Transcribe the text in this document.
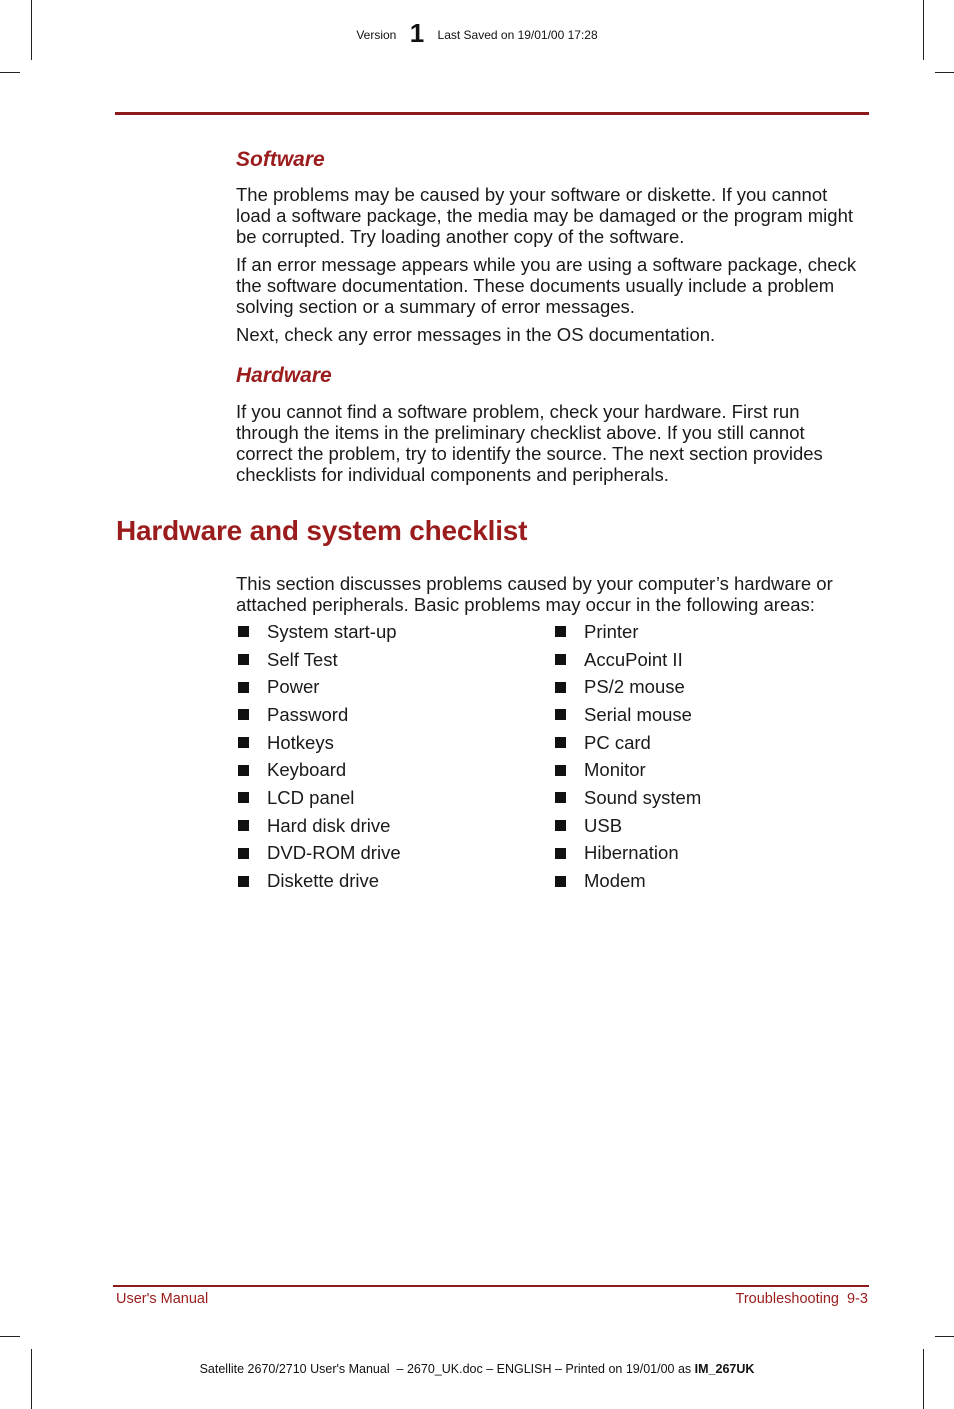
Version 1 Last Saved on 19/01/00 17:28
Software

The problems may be caused by your software or diskette. If you cannot load a software package, the media may be damaged or the program might be corrupted. Try loading another copy of the software.

If an error message appears while you are using a software package, check the software documentation. These documents usually include a problem solving section or a summary of error messages.

Next, check any error messages in the OS documentation.

Hardware

If you cannot find a software problem, check your hardware. First run through the items in the preliminary checklist above. If you still cannot correct the problem, try to identify the source. The next section provides checklists for individual components and peripherals.

Hardware and system checklist

This section discusses problems caused by your computer’s hardware or attached peripherals. Basic problems may occur in the following areas:

System start-up
Self Test
Power
Password
Hotkeys
Keyboard
LCD panel
Hard disk drive
DVD-ROM drive
Diskette drive
Printer
AccuPoint II
PS/2 mouse
Serial mouse
PC card
Monitor
Sound system
USB
Hibernation
Modem
User's Manual	Troubleshooting  9-3
Satellite 2670/2710 User's Manual  – 2670_UK.doc – ENGLISH – Printed on 19/01/00 as IM_267UK
